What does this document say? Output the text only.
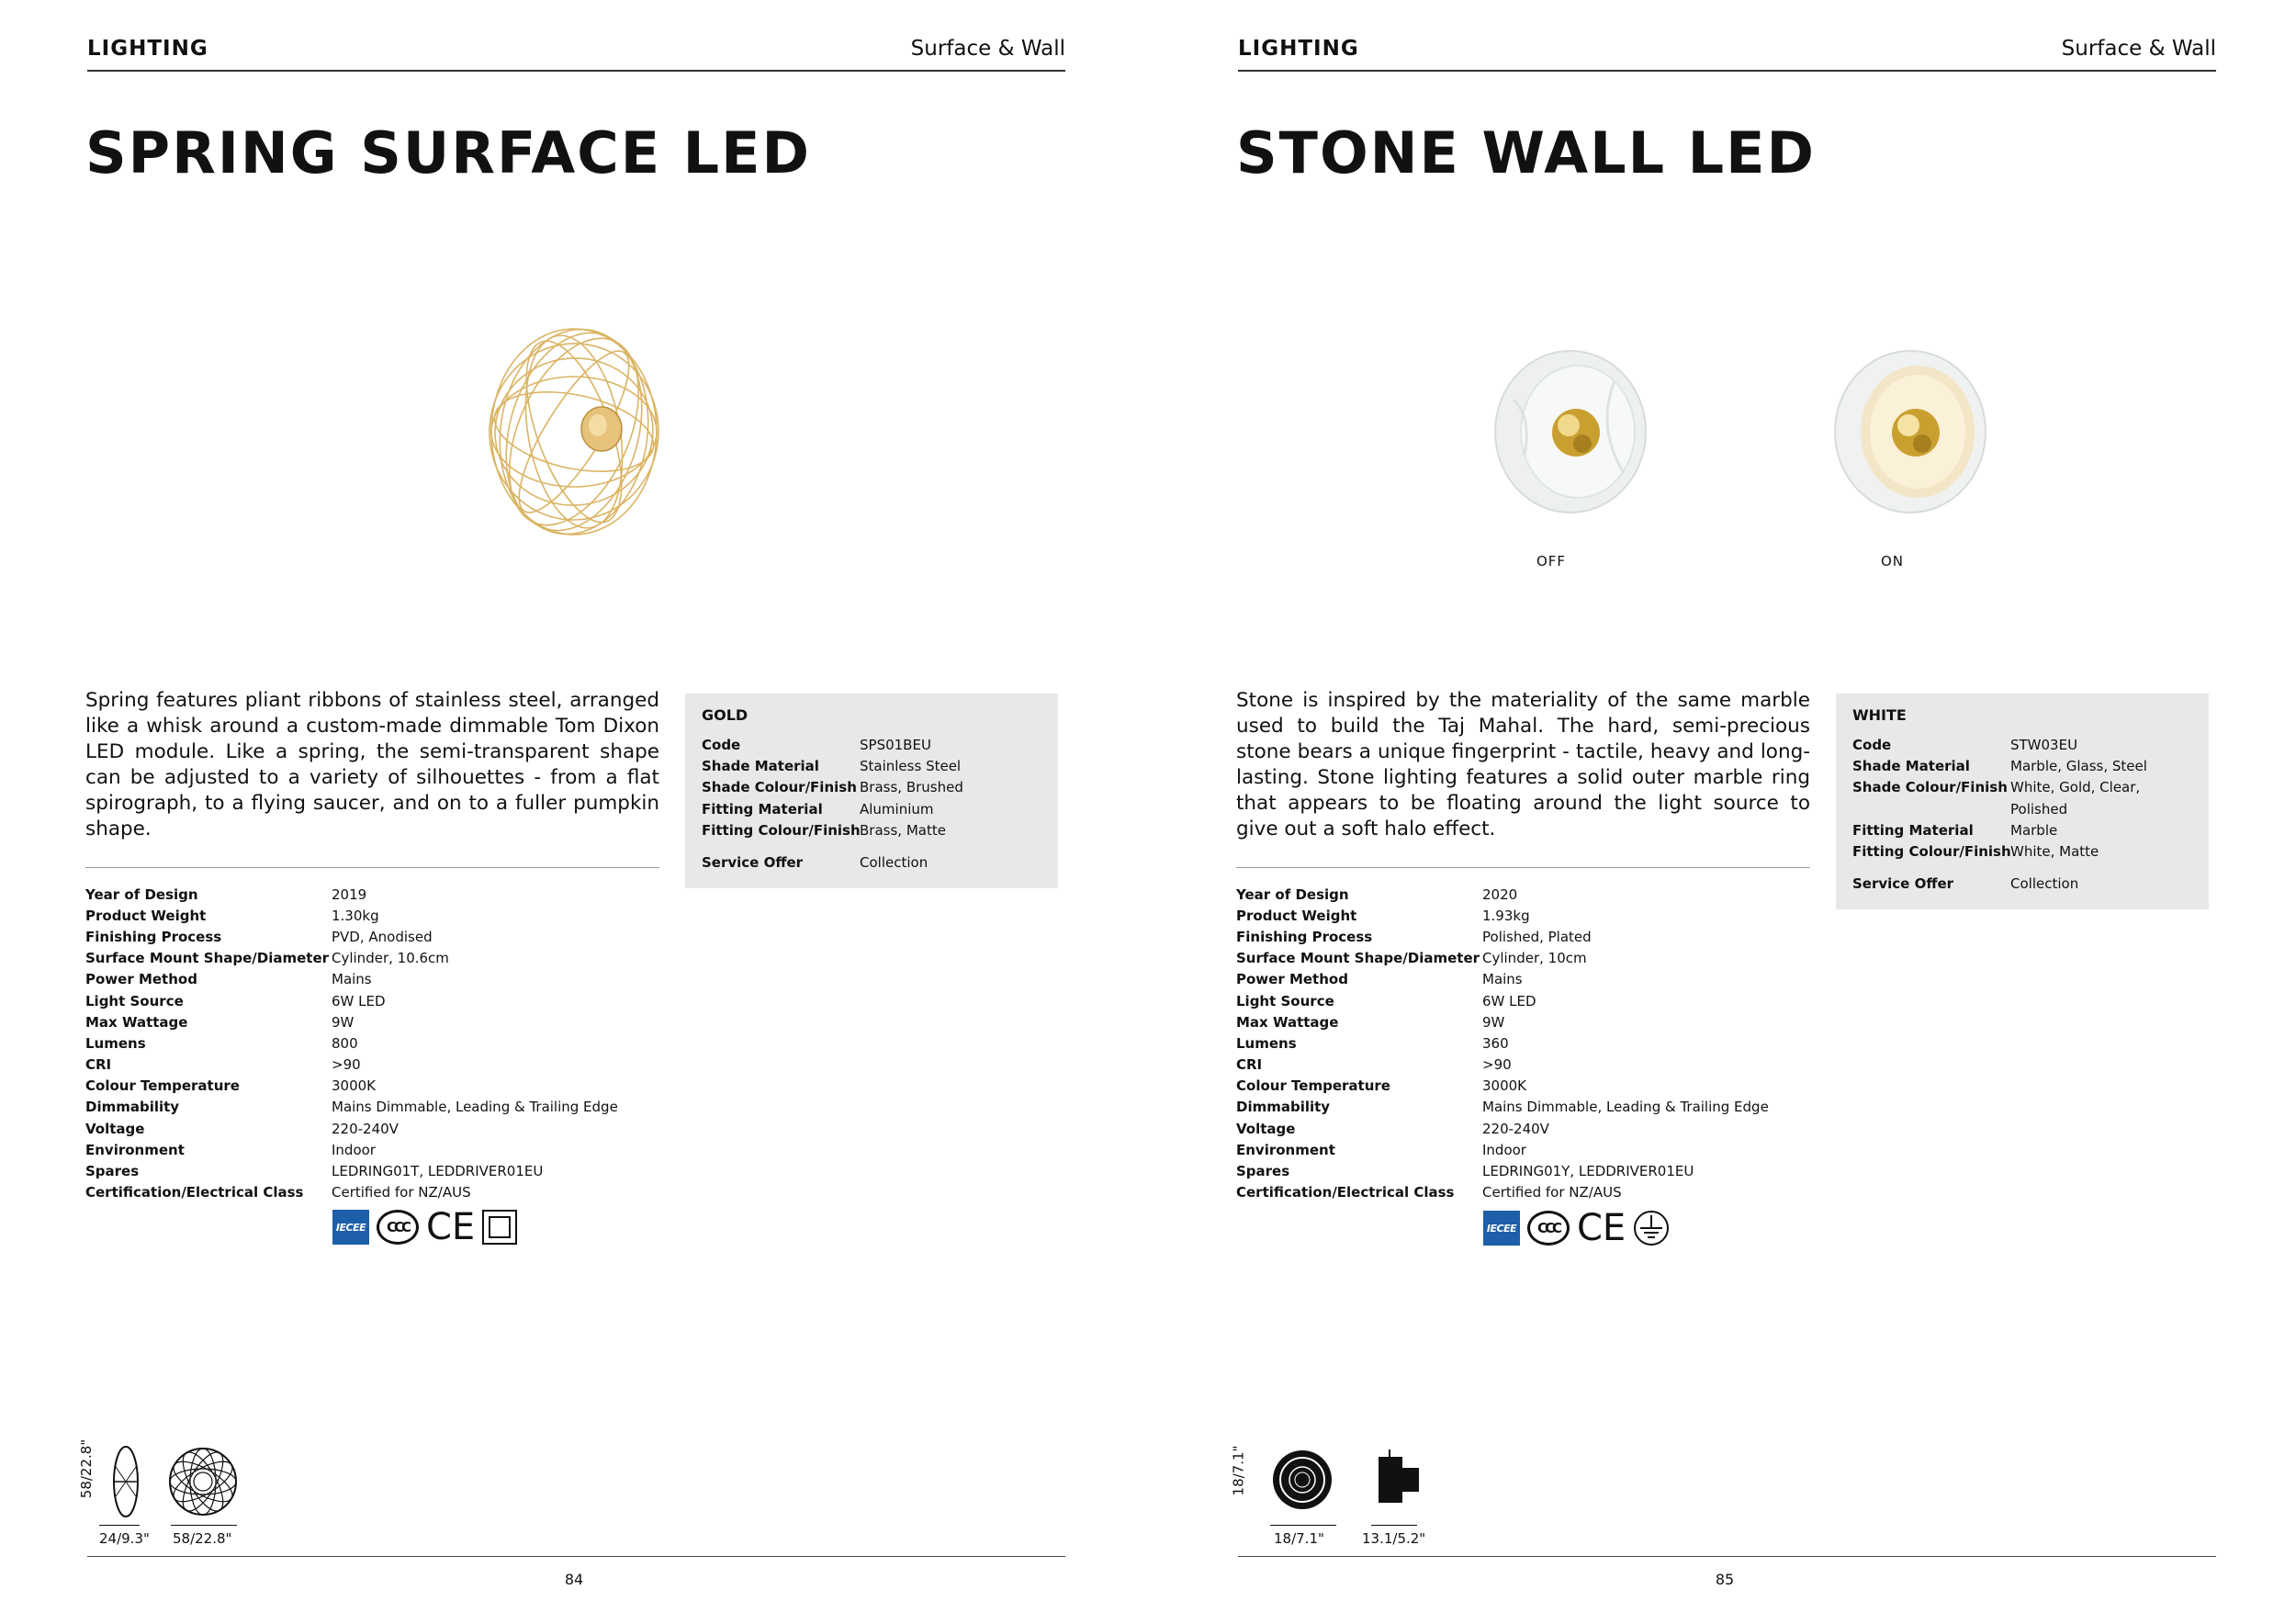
LIGHTING	Surface & Wall
SPRING SURFACE LED
Spring features pliant ribbons of stainless steel, arranged like a whisk around a custom-made dimmable Tom Dixon LED module. Like a spring, the semi-transparent shape can be adjusted to a variety of silhouettes - from a flat spirograph, to a flying saucer, and on to a fuller pumpkin shape.
Year of Design	2019
Product Weight	1.30kg
Finishing Process	PVD, Anodised
Surface Mount Shape/Diameter Cylinder, 10.6cm
Power Method	Mains
Light Source	6W LED
Max Wattage	9W
Lumens	800
CRI	>90
Colour Temperature	3000K
Dimmability	Mains Dimmable, Leading & Trailing Edge
Voltage	220-240V
Environment	Indoor
Spares	LEDRING01T, LEDDRIVER01EU
Certification/Electrical Class	Certified for NZ/AUS
IECEE	CCC CE
GOLD
Code	SPS01BEU
Shade Material	Stainless Steel
Shade Colour/Finish Brass, Brushed
Fitting Material	Aluminium
Fitting Colour/Finish Brass, Matte
Service Offer	Collection
58/22.8"
24/9.3" 58/22.8"
84
LIGHTING	Surface & Wall
STONE WALL LED
OFF	ON
Stone is inspired by the materiality of the same marble used to build the Taj Mahal. The hard, semi-precious stone bears a unique fingerprint - tactile, heavy and long-lasting. Stone lighting features a solid outer marble ring that appears to be floating around the light source to give out a soft halo effect.
Year of Design	2020
Product Weight	1.93kg
Finishing Process	Polished, Plated
Surface Mount Shape/Diameter Cylinder, 10cm
Power Method	Mains
Light Source	6W LED
Max Wattage	9W
Lumens	360
CRI	>90
Colour Temperature	3000K
Dimmability	Mains Dimmable, Leading & Trailing Edge
Voltage	220-240V
Environment	Indoor
Spares	LEDRING01Y, LEDDRIVER01EU
Certification/Electrical Class	Certified for NZ/AUS
IECEE	CCC CE
WHITE
Code	STW03EU
Shade Material	Marble, Glass, Steel
Shade Colour/Finish White, Gold, Clear, Polished
Fitting Material	Marble
Fitting Colour/Finish White, Matte
Service Offer	Collection
18/7.1"
18/7.1"	13.1/5.2"
85
